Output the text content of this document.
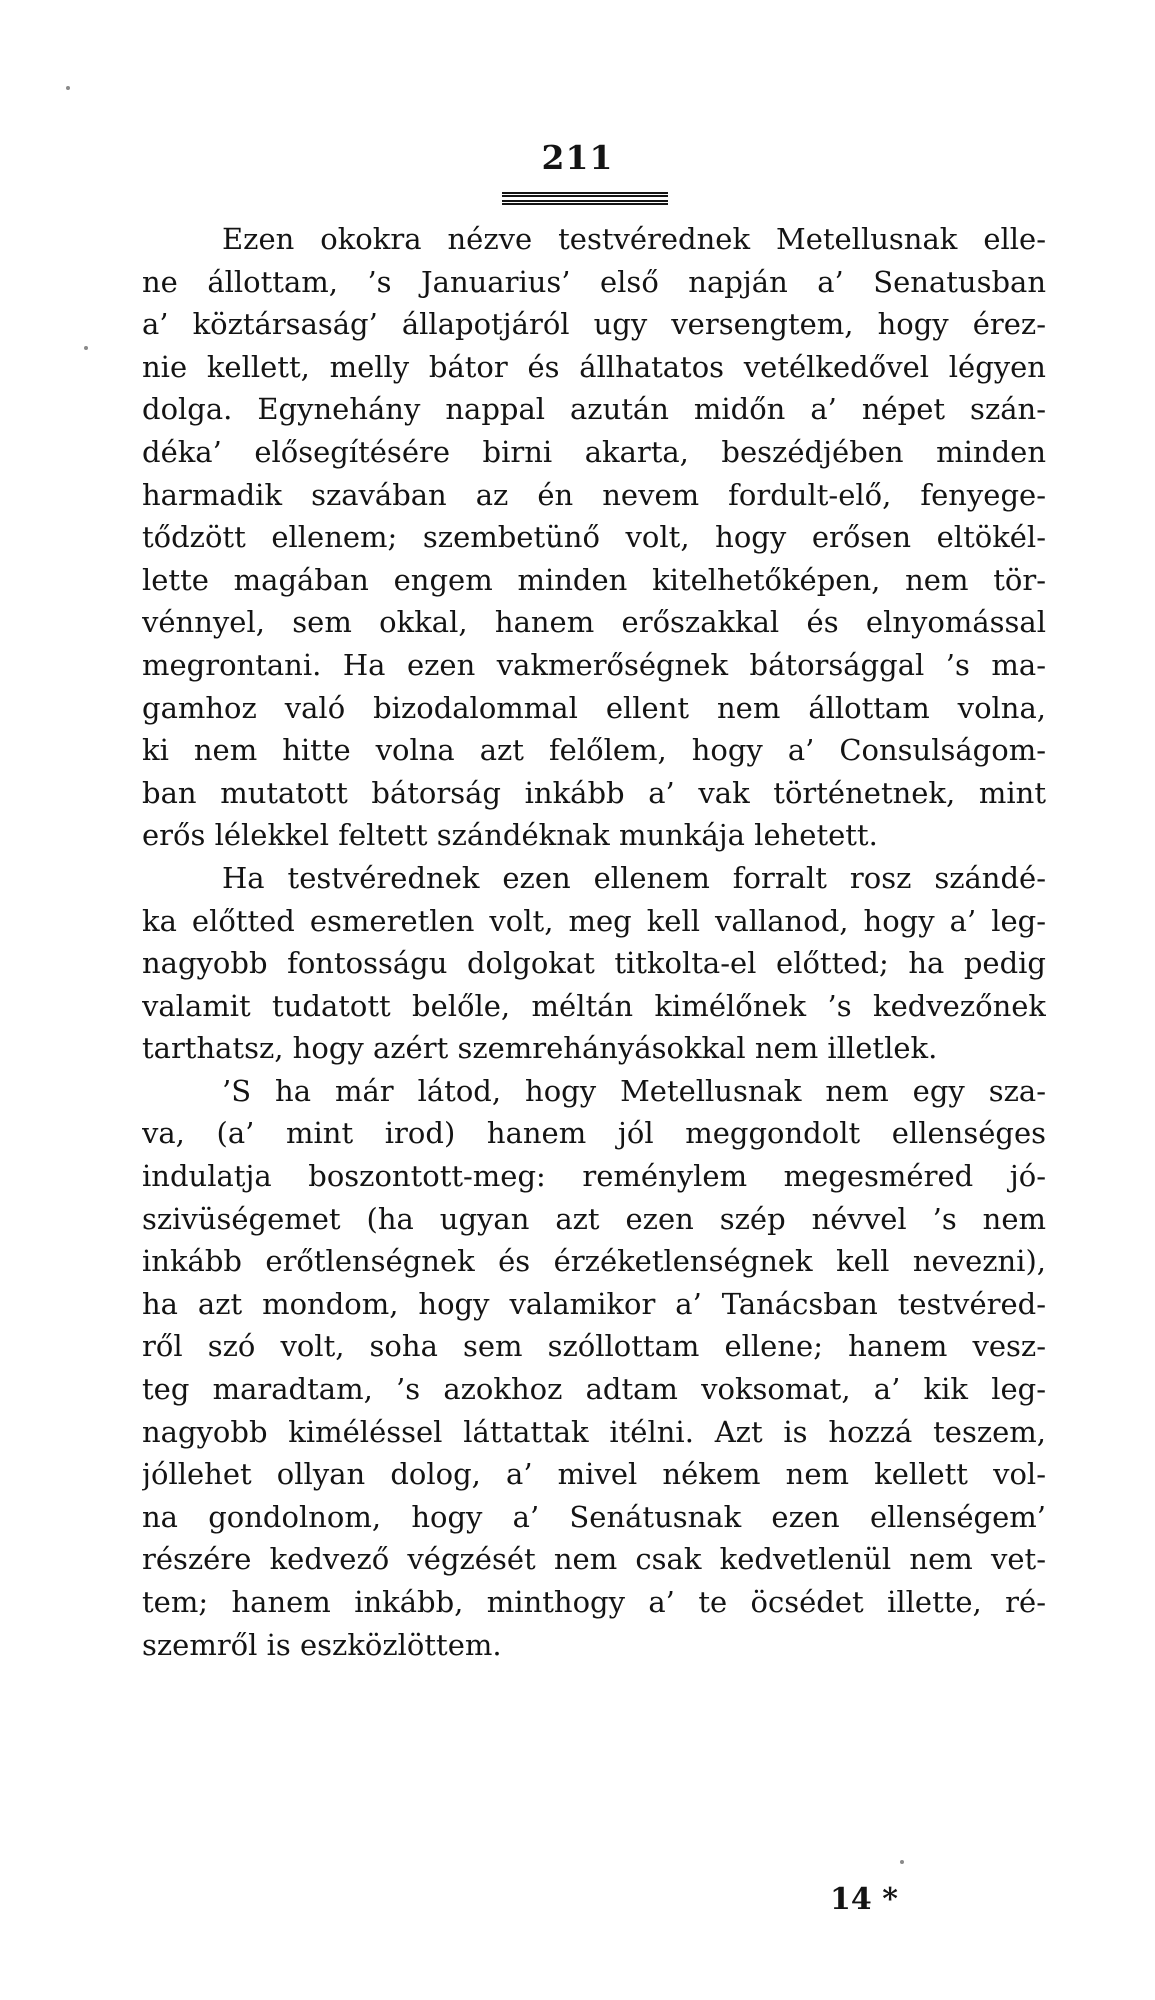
211
Ezen okokra nézve testvérednek Metellusnak elle-
ne állottam, ’s Januarius’ első napján a’ Senatusban
a’ köztársaság’ állapotjáról ugy versengtem, hogy érez-
nie kellett, melly bátor és állhatatos vetélkedővel légyen
dolga. Egynehány nappal azután midőn a’ népet szán-
déka’ elősegítésére birni akarta, beszédjében minden
harmadik szavában az én nevem fordult-elő, fenyege-
tődzött ellenem; szembetünő volt, hogy erősen eltökél-
lette magában engem minden kitelhetőképen, nem tör-
vénnyel, sem okkal, hanem erőszakkal és elnyomással
megrontani. Ha ezen vakmerőségnek bátorsággal ’s ma-
gamhoz való bizodalommal ellent nem állottam volna,
ki nem hitte volna azt felőlem, hogy a’ Consulságom-
ban mutatott bátorság inkább a’ vak történetnek, mint
erős lélekkel feltett szándéknak munkája lehetett.
Ha testvérednek ezen ellenem forralt rosz szándé-
ka előtted esmeretlen volt, meg kell vallanod, hogy a’ leg-
nagyobb fontosságu dolgokat titkolta-el előtted; ha pedig
valamit tudatott belőle, méltán kimélőnek ’s kedvezőnek
tarthatsz, hogy azért szemrehányásokkal nem illetlek.
’S ha már látod, hogy Metellusnak nem egy sza-
va, (a’ mint irod) hanem jól meggondolt ellenséges
indulatja boszontott-meg: reménylem megesméred jó-
szivüségemet (ha ugyan azt ezen szép névvel ’s nem
inkább erőtlenségnek és érzéketlenségnek kell nevezni),
ha azt mondom, hogy valamikor a’ Tanácsban testvéred-
ről szó volt, soha sem szóllottam ellene; hanem vesz-
teg maradtam, ’s azokhoz adtam voksomat, a’ kik leg-
nagyobb kiméléssel láttattak itélni. Azt is hozzá teszem,
jóllehet ollyan dolog, a’ mivel nékem nem kellett vol-
na gondolnom, hogy a’ Senátusnak ezen ellenségem’
részére kedvező végzését nem csak kedvetlenül nem vet-
tem; hanem inkább, minthogy a’ te öcsédet illette, ré-
szemről is eszközlöttem.
14 *
